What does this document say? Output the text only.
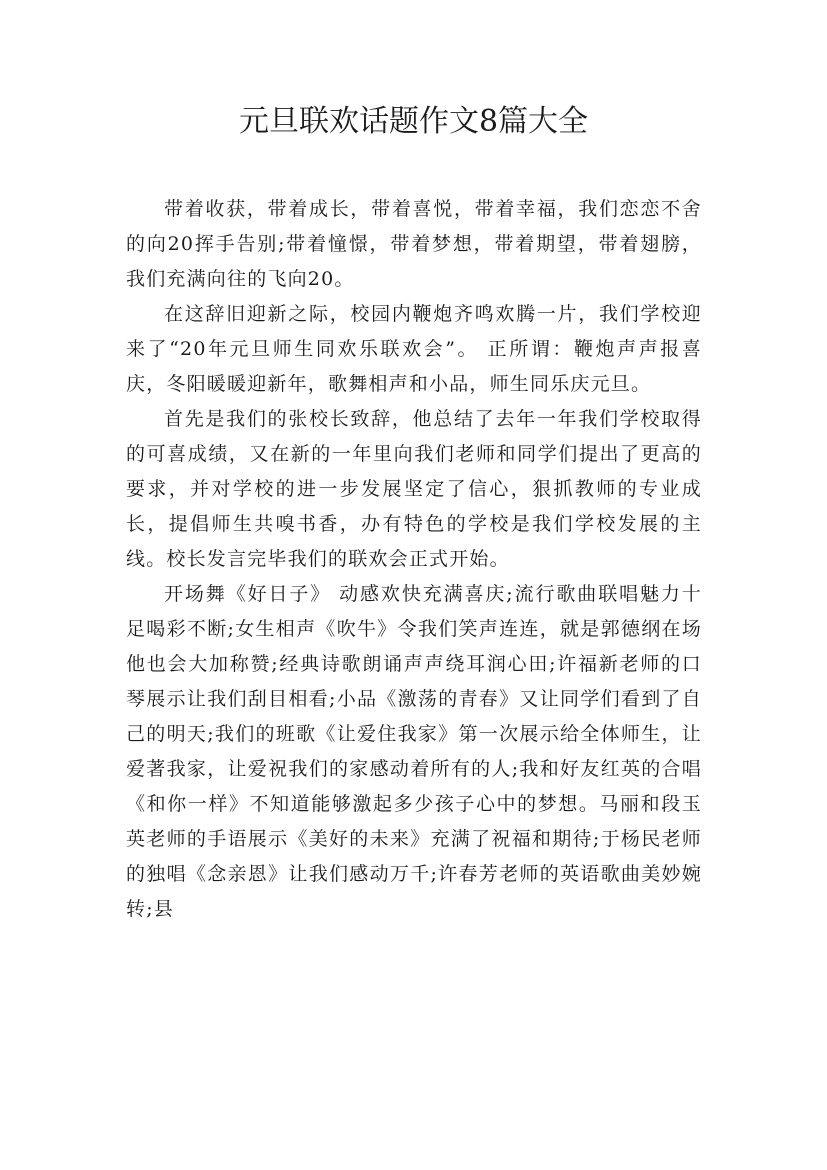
元旦联欢话题作文8篇大全

带着收获，带着成长，带着喜悦，带着幸福，我们恋恋不舍的向20挥手告别;带着憧憬，带着梦想，带着期望，带着翅膀，我们充满向往的飞向20。

在这辞旧迎新之际，校园内鞭炮齐鸣欢腾一片，我们学校迎来了“20年元旦师生同欢乐联欢会”。 正所谓：鞭炮声声报喜庆，冬阳暖暖迎新年，歌舞相声和小品，师生同乐庆元旦。

首先是我们的张校长致辞，他总结了去年一年我们学校取得的可喜成绩，又在新的一年里向我们老师和同学们提出了更高的要求，并对学校的进一步发展坚定了信心，狠抓教师的专业成长，提倡师生共嗅书香，办有特色的学校是我们学校发展的主线。校长发言完毕我们的联欢会正式开始。

开场舞《好日子》 动感欢快充满喜庆;流行歌曲联唱魅力十足喝彩不断;女生相声《吹牛》令我们笑声连连，就是郭德纲在场他也会大加称赞;经典诗歌朗诵声声绕耳润心田;许福新老师的口琴展示让我们刮目相看;小品《激荡的青春》又让同学们看到了自己的明天;我们的班歌《让爱住我家》第一次展示给全体师生，让爱著我家，让爱祝我们的家感动着所有的人;我和好友红英的合唱《和你一样》不知道能够激起多少孩子心中的梦想。马丽和段玉英老师的手语展示《美好的未来》充满了祝福和期待;于杨民老师的独唱《念亲恩》让我们感动万千;许春芳老师的英语歌曲美妙婉转;县
